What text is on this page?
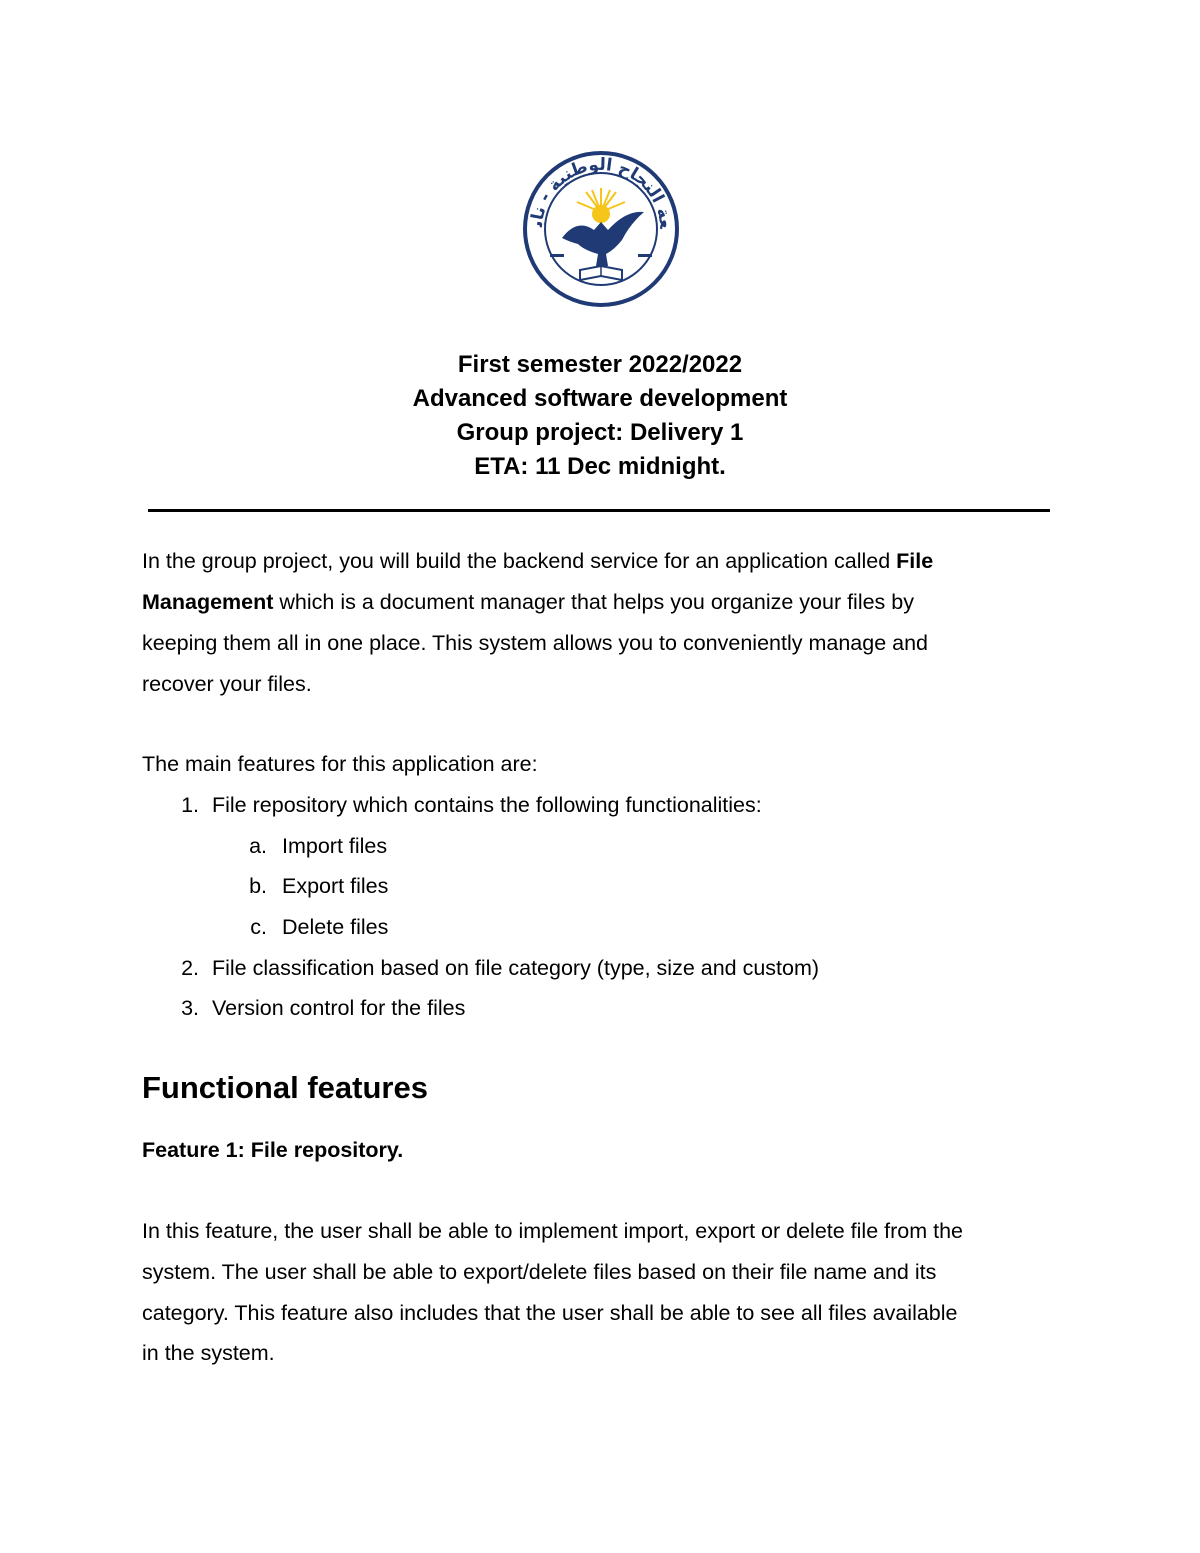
عة النجاح الوطنية - ناب
First semester 2022/2022
Advanced software development
Group project: Delivery 1
ETA: 11 Dec midnight.
In the group project, you will build the backend service for an application called File
Management which is a document manager that helps you organize your files by
keeping them all in one place. This system allows you to conveniently manage and
recover your files.
The main features for this application are:
1. File repository which contains the following functionalities:
a. Import files
b. Export files
c. Delete files
2. File classification based on file category (type, size and custom)
3. Version control for the files
Functional features
Feature 1: File repository.
In this feature, the user shall be able to implement import, export or delete file from the
system. The user shall be able to export/delete files based on their file name and its
category. This feature also includes that the user shall be able to see all files available
in the system.
